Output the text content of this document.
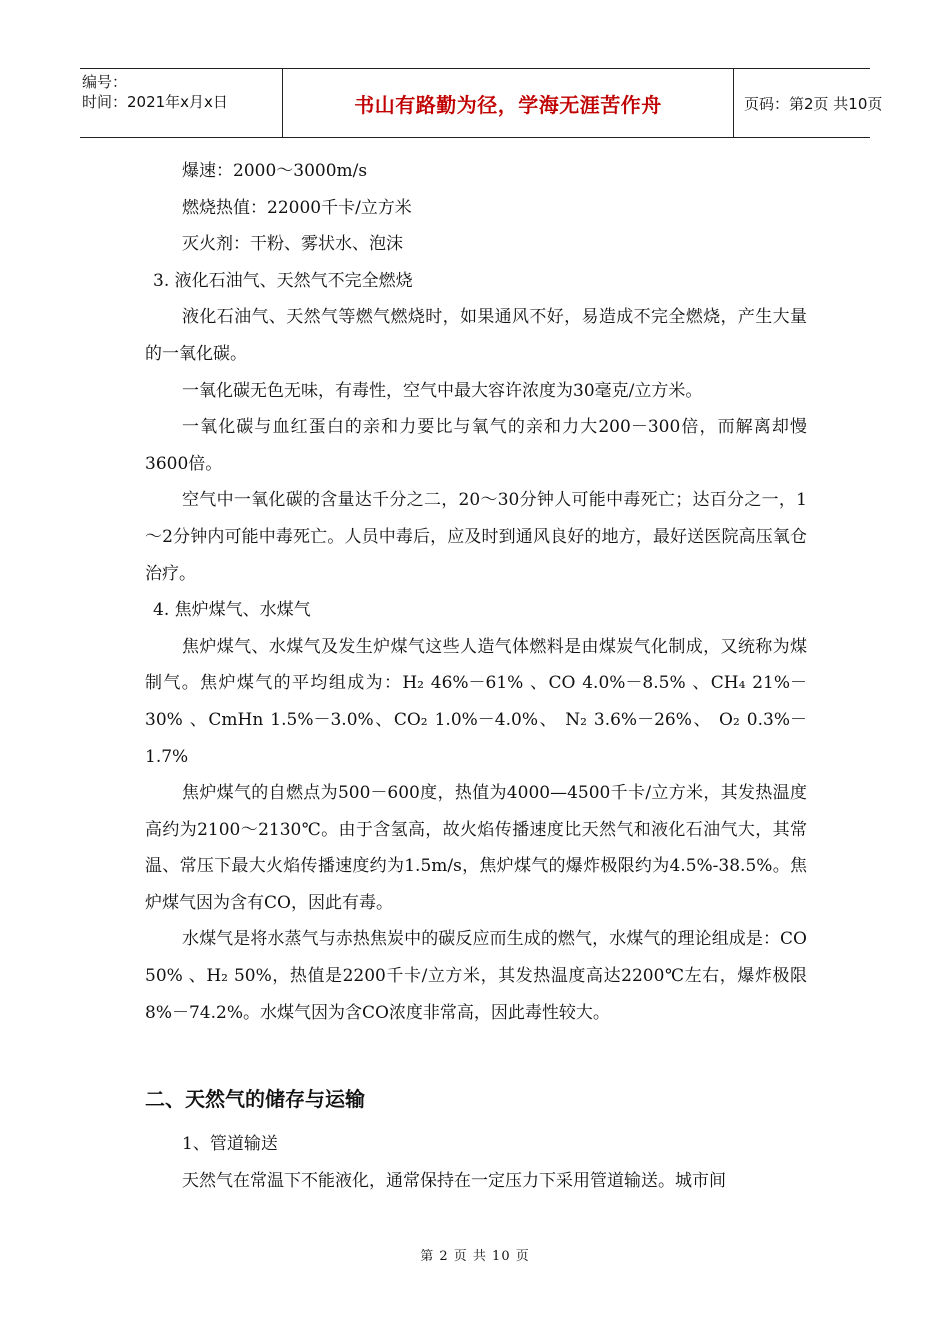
编号：
时间：2021年x月x日	书山有路勤为径，学海无涯苦作舟	页码：第2页 共10页

爆速：2000～3000m/s

燃烧热值：22000千卡/立方米

灭火剂：干粉、雾状水、泡沫

3. 液化石油气、天然气不完全燃烧

液化石油气、天然气等燃气燃烧时，如果通风不好，易造成不完全燃烧，产生大量的一氧化碳。

一氧化碳无色无味，有毒性，空气中最大容许浓度为30毫克/立方米。

一氧化碳与血红蛋白的亲和力要比与氧气的亲和力大200－300倍，而解离却慢3600倍。

空气中一氧化碳的含量达千分之二，20～30分钟人可能中毒死亡；达百分之一，1～2分钟内可能中毒死亡。人员中毒后，应及时到通风良好的地方，最好送医院高压氧仓治疗。

4. 焦炉煤气、水煤气

焦炉煤气、水煤气及发生炉煤气这些人造气体燃料是由煤炭气化制成，又统称为煤制气。焦炉煤气的平均组成为：H₂ 46%－61% 、CO 4.0%－8.5% 、CH₄ 21%－30% 、CmHn 1.5%－3.0%、CO₂ 1.0%－4.0%、 N₂ 3.6%－26%、 O₂ 0.3%－1.7%

焦炉煤气的自燃点为500－600度，热值为4000—4500千卡/立方米，其发热温度高约为2100～2130℃。由于含氢高，故火焰传播速度比天然气和液化石油气大，其常温、常压下最大火焰传播速度约为1.5m/s，焦炉煤气的爆炸极限约为4.5%-38.5%。焦炉煤气因为含有CO，因此有毒。

水煤气是将水蒸气与赤热焦炭中的碳反应而生成的燃气，水煤气的理论组成是：CO 50% 、H₂ 50%，热值是2200千卡/立方米，其发热温度高达2200℃左右，爆炸极限8%－74.2%。水煤气因为含CO浓度非常高，因此毒性较大。

二、天然气的储存与运输

1、管道输送

天然气在常温下不能液化，通常保持在一定压力下采用管道输送。城市间

第 2 页 共 10 页
